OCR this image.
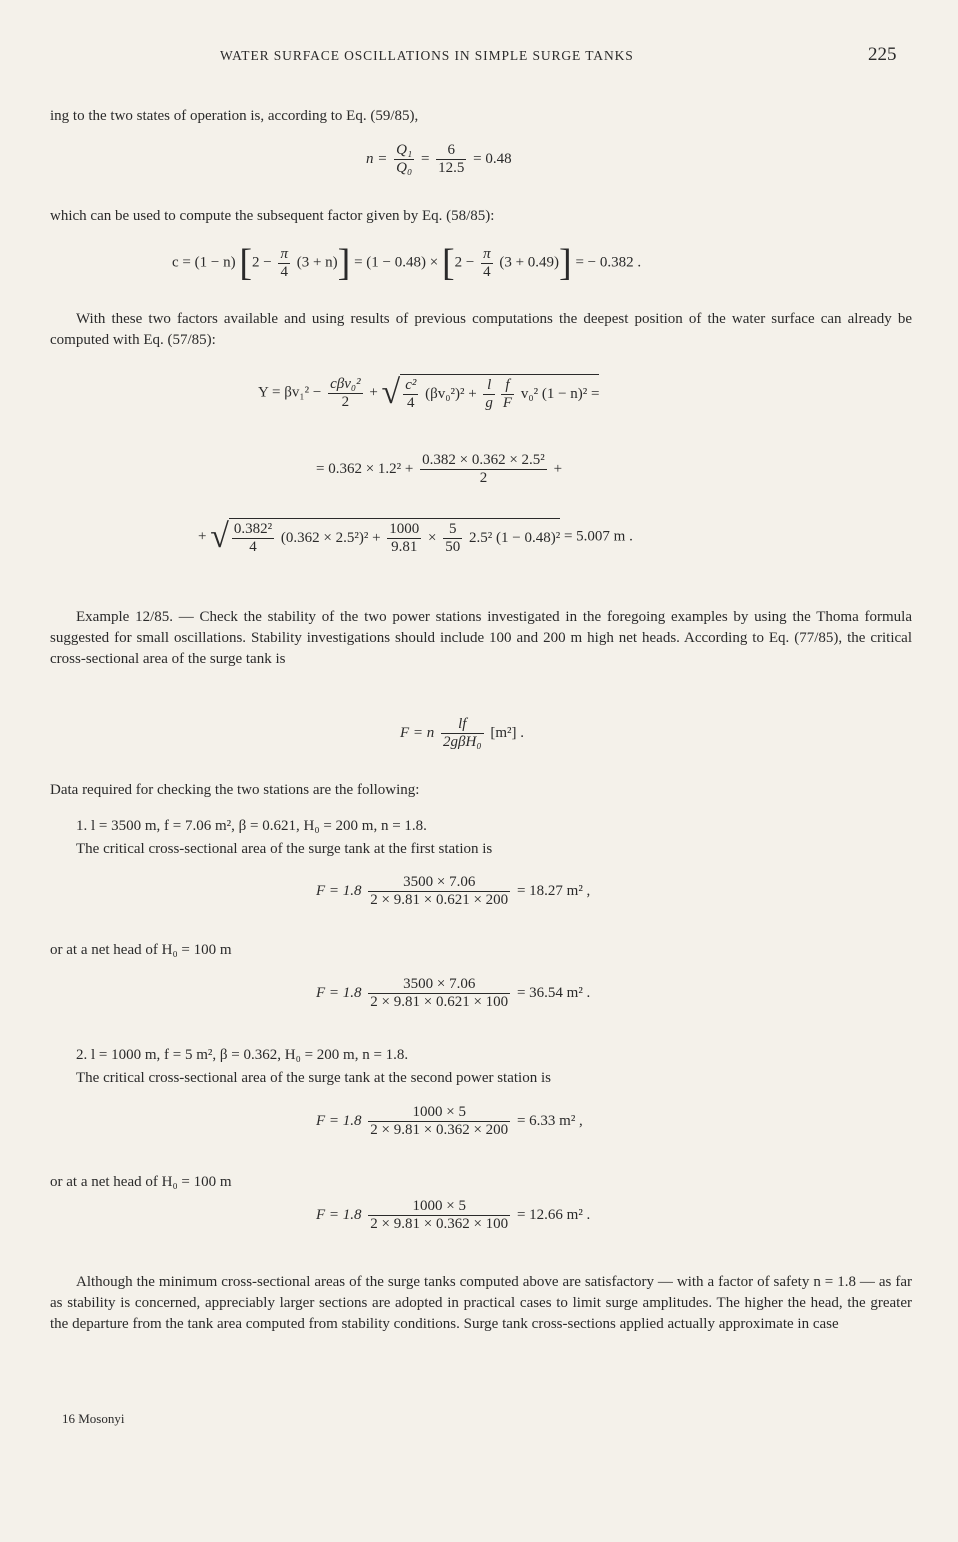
WATER SURFACE OSCILLATIONS IN SIMPLE SURGE TANKS	225
ing to the two states of operation is, according to Eq. (59/85),
$n = \frac{\text{Q₁}}{\text{Q₀}} = \frac{6}{12.5} = 0.48$
which can be used to compute the subsequent factor given by Eq. (58/85):
c = (1 − n) $[2 - \frac{\pi}{4} (3 + n)] = (1 - 0.48) \times [2 - \frac{\pi}{4} (3 + 0.49)]$ = − 0.382 .
With these two factors available and using results of previous computations the deepest position of the water surface can already be computed with Eq. (57/85):
$Y = \beta v_1^2 - \frac{\text{cβv₀²}}{2}$ + √ $\frac{\text{c²}}{4} (\beta v_0^2)^2 + \frac{l}{g} \frac{f}{F} v_0^2$ (1 − n)² =
= $0.362 \times 1.2^2 + \frac{\text{0.382 × 0.362 × 2.5²}}{2}$ +
+ √ $\frac{\text{0.382²}}{4} (0.362 \times 2.5^2)^2 + \frac{1000}{9.81} \times \frac{5}{50} 2.5^2$ (1 − 0.48)² = 5.007 m .
Example 12/85. — Check the stability of the two power stations investigated in the foregoing examples by using the Thoma formula suggested for small oscillations. Stability investigations should include 100 and 200 m high net heads. According to Eq. (77/85), the critical cross-sectional area of the surge tank is
F = n $\frac{lf}{\text{2gβH₀}} [m^2]$ .
Data required for checking the two stations are the following:
1. l = 3500 m, f = 7.06 m², β = 0.621, H₀ = 200 m, n = 1.8.
The critical cross-sectional area of the surge tank at the first station is
$F = 1.8 \frac{3500 \times 7.06}{2 \times 9.81 \times 0.621 \times 200} = 18.27$ m² ,
or at a net head of H₀ = 100 m
$F = 1.8 \frac{3500 \times 7.06}{2 \times 9.81 \times 0.621 \times 100} = 36.54$ m² .
2. l = 1000 m, f = 5 m², β = 0.362, H₀ = 200 m, n = 1.8.
The critical cross-sectional area of the surge tank at the second power station is
$F = 1.8 \frac{1000 \times 5}{2 \times 9.81 \times 0.362 \times 200} = 6.33$ m² ,
or at a net head of H₀ = 100 m
$F = 1.8 \frac{1000 \times 5}{2 \times 9.81 \times 0.362 \times 100} = 12.66$ m² .
Although the minimum cross-sectional areas of the surge tanks computed above are satisfactory — with a factor of safety n = 1.8 — as far as stability is concerned, appreciably larger sections are adopted in practical cases to limit surge amplitudes. The higher the head, the greater the departure from the tank area computed from stability conditions. Surge tank cross-sections applied actually approximate in case
16 Mosonyi
